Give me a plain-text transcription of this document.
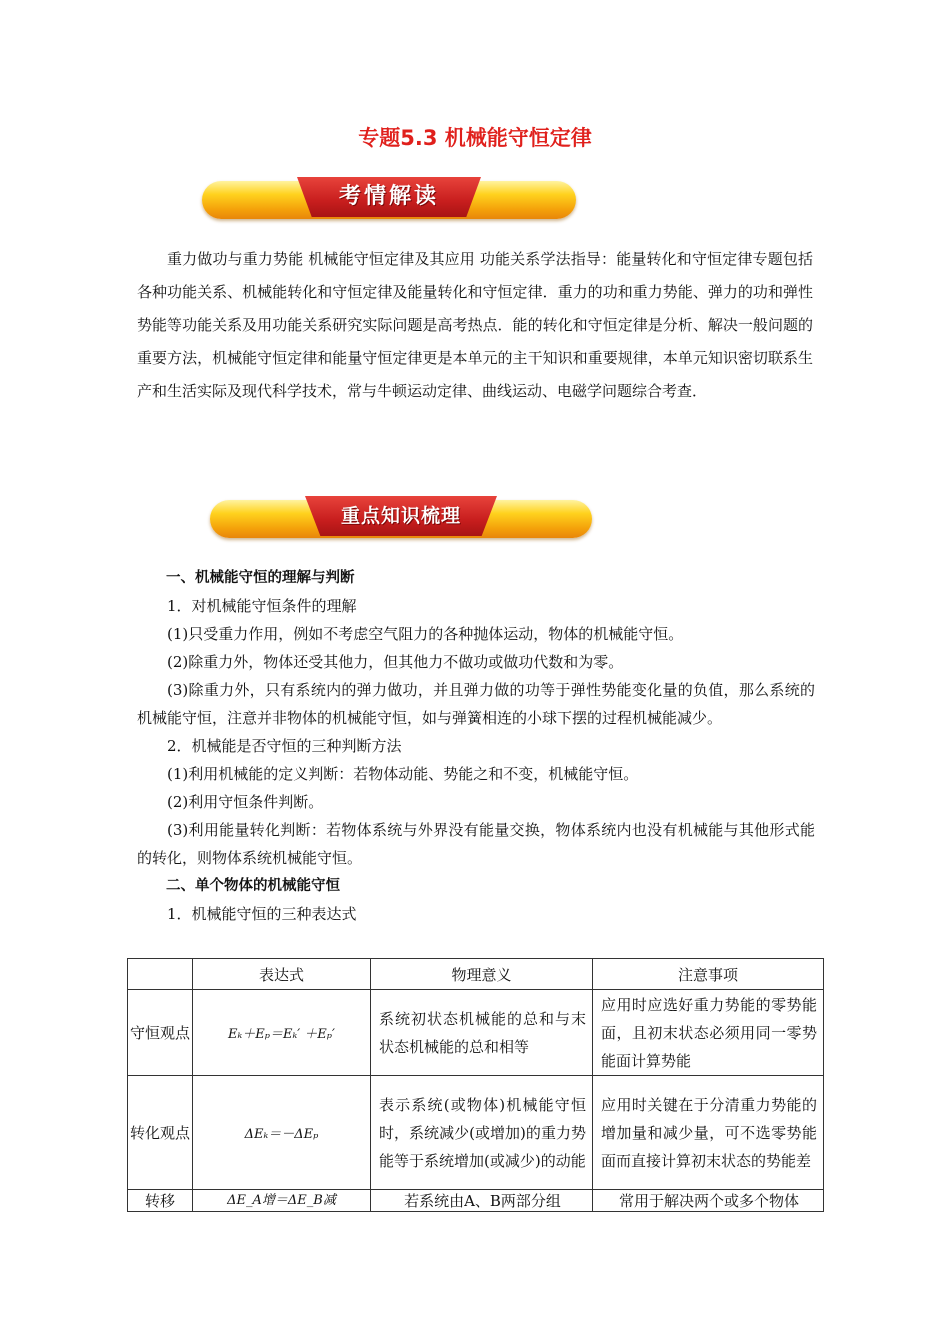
专题5.3 机械能守恒定律
考情解读
重力做功与重力势能 机械能守恒定律及其应用 功能关系学法指导：能量转化和守恒定律专题包括各种功能关系、机械能转化和守恒定律及能量转化和守恒定律．重力的功和重力势能、弹力的功和弹性势能等功能关系及用功能关系研究实际问题是高考热点．能的转化和守恒定律是分析、解决一般问题的重要方法，机械能守恒定律和能量守恒定律更是本单元的主干知识和重要规律，本单元知识密切联系生产和生活实际及现代科学技术，常与牛顿运动定律、曲线运动、电磁学问题综合考查．
重点知识梳理
一、机械能守恒的理解与判断
1．对机械能守恒条件的理解
(1)只受重力作用，例如不考虑空气阻力的各种抛体运动，物体的机械能守恒。
(2)除重力外，物体还受其他力，但其他力不做功或做功代数和为零。
(3)除重力外，只有系统内的弹力做功，并且弹力做的功等于弹性势能变化量的负值，那么系统的机械能守恒，注意并非物体的机械能守恒，如与弹簧相连的小球下摆的过程机械能减少。
2．机械能是否守恒的三种判断方法
(1)利用机械能的定义判断：若物体动能、势能之和不变，机械能守恒。
(2)利用守恒条件判断。
(3)利用能量转化判断：若物体系统与外界没有能量交换，物体系统内也没有机械能与其他形式能的转化，则物体系统机械能守恒。
二、单个物体的机械能守恒
1．机械能守恒的三种表达式
	表达式	物理意义	注意事项
守恒观点	Eₖ＋Eₚ＝Eₖ′ ＋Eₚ′	系统初状态机械能的总和与末状态机械能的总和相等	应用时应选好重力势能的零势能面，且初末状态必须用同一零势能面计算势能
转化观点	ΔEₖ＝－ΔEₚ	表示系统(或物体)机械能守恒时，系统减少(或增加)的重力势能等于系统增加(或减少)的动能	应用时关键在于分清重力势能的增加量和减少量，可不选零势能面而直接计算初末状态的势能差
转移	ΔE_A增＝ΔE_B减	若系统由A、B两部分组	常用于解决两个或多个物体
